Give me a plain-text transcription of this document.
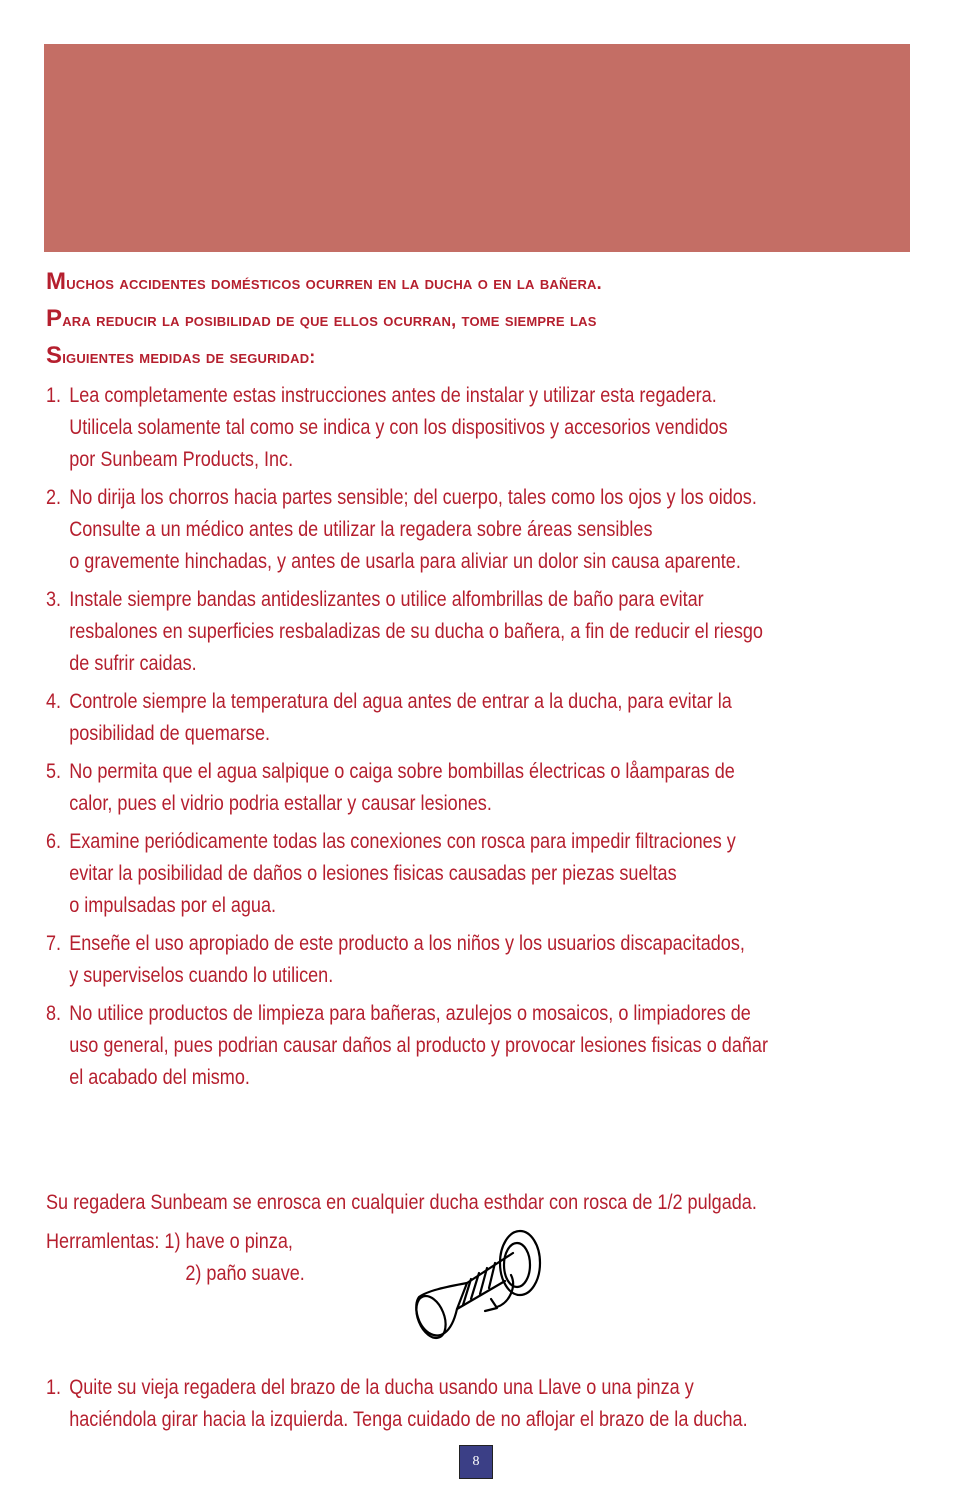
Muchos accidentes domésticos ocurren en la ducha o en la bañera.
Para reducir la posibilidad de que ellos ocurran, tome siempre las
Siguientes medidas de seguridad:
1. Lea completamente estas instrucciones antes de instalar y utilizar esta regadera.
Utilicela solamente tal como se indica y con los dispositivos y accesorios vendidos
por Sunbeam Products, Inc.
2. No dirija los chorros hacia partes sensible; del cuerpo, tales como los ojos y los oidos.
Consulte a un médico antes de utilizar la regadera sobre áreas sensibles
o gravemente hinchadas, y antes de usarla para aliviar un dolor sin causa aparente.
3. Instale siempre bandas antideslizantes o utilice alfombrillas de baño para evitar
resbalones en superficies resbaladizas de su ducha o bañera, a fin de reducir el riesgo
de sufrir caidas.
4. Controle siempre la temperatura del agua antes de entrar a la ducha, para evitar la
posibilidad de quemarse.
5. No permita que el agua salpique o caiga sobre bombillas électricas o låamparas de
calor, pues el vidrio podria estallar y causar lesiones.
6. Examine periódicamente todas las conexiones con rosca para impedir filtraciones y
evitar la posibilidad de daños o lesiones fisicas causadas per piezas sueltas
o impulsadas por el agua.
7. Enseñe el uso apropiado de este producto a los niños y los usuarios discapacitados,
y superviselos cuando lo utilicen.
8. No utilice productos de limpieza para bañeras, azulejos o mosaicos, o limpiadores de
uso general, pues podrian causar daños al producto y provocar lesiones fisicas o dañar
el acabado del mismo.
Su regadera Sunbeam se enrosca en cualquier ducha esthdar con rosca de 1/2 pulgada.
Herramlentas: 1) have o pinza,
2) paño suave.
1. Quite su vieja regadera del brazo de la ducha usando una Llave o una pinza y
haciéndola girar hacia la izquierda. Tenga cuidado de no aflojar el brazo de la ducha.
8
